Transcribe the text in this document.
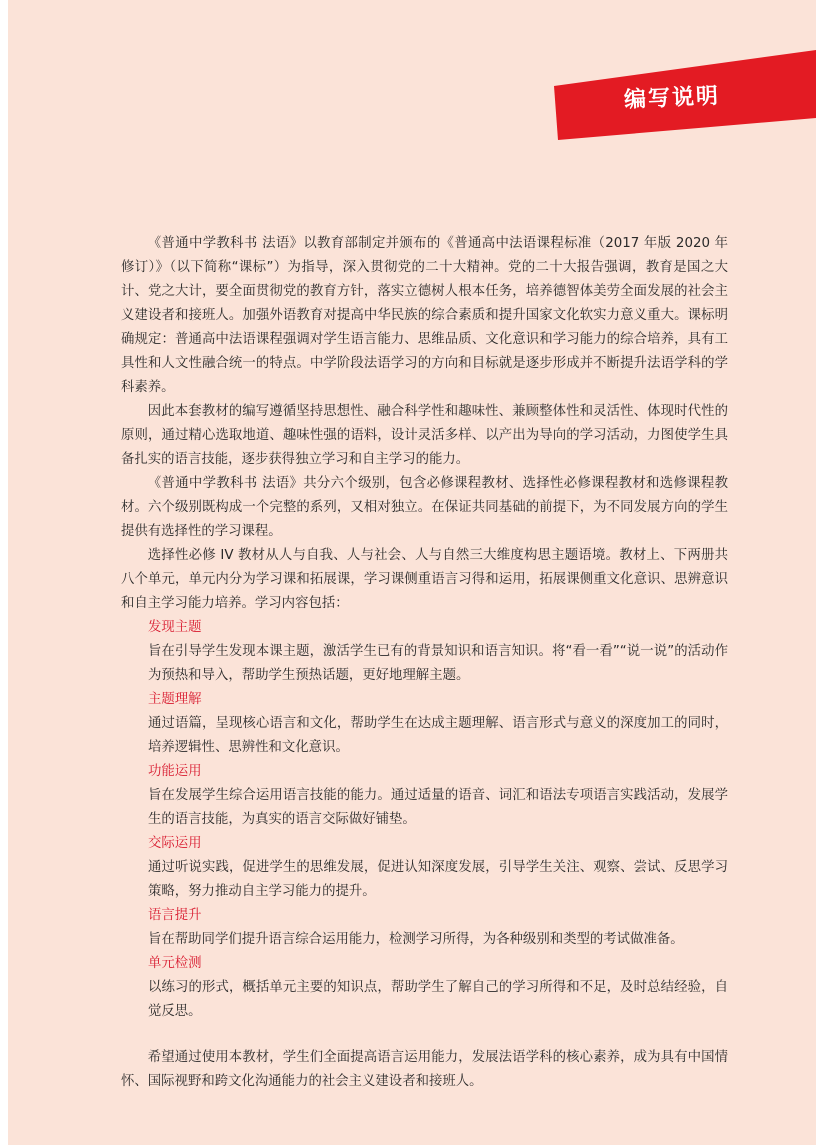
编写说明

《普通中学教科书 法语》以教育部制定并颁布的《普通高中法语课程标准（2017 年版 2020 年修订）》（以下简称“课标”）为指导，深入贯彻党的二十大精神。党的二十大报告强调，教育是国之大计、党之大计，要全面贯彻党的教育方针，落实立德树人根本任务，培养德智体美劳全面发展的社会主义建设者和接班人。加强外语教育对提高中华民族的综合素质和提升国家文化软实力意义重大。课标明确规定：普通高中法语课程强调对学生语言能力、思维品质、文化意识和学习能力的综合培养，具有工具性和人文性融合统一的特点。中学阶段法语学习的方向和目标就是逐步形成并不断提升法语学科的学科素养。

因此本套教材的编写遵循坚持思想性、融合科学性和趣味性、兼顾整体性和灵活性、体现时代性的原则，通过精心选取地道、趣味性强的语料，设计灵活多样、以产出为导向的学习活动，力图使学生具备扎实的语言技能，逐步获得独立学习和自主学习的能力。

《普通中学教科书 法语》共分六个级别，包含必修课程教材、选择性必修课程教材和选修课程教材。六个级别既构成一个完整的系列，又相对独立。在保证共同基础的前提下，为不同发展方向的学生提供有选择性的学习课程。

选择性必修 IV 教材从人与自我、人与社会、人与自然三大维度构思主题语境。教材上、下两册共八个单元，单元内分为学习课和拓展课，学习课侧重语言习得和运用，拓展课侧重文化意识、思辨意识和自主学习能力培养。学习内容包括：

发现主题

旨在引导学生发现本课主题，激活学生已有的背景知识和语言知识。将“看一看”“说一说”的活动作为预热和导入，帮助学生预热话题，更好地理解主题。

主题理解

通过语篇，呈现核心语言和文化，帮助学生在达成主题理解、语言形式与意义的深度加工的同时，培养逻辑性、思辨性和文化意识。

功能运用

旨在发展学生综合运用语言技能的能力。通过适量的语音、词汇和语法专项语言实践活动，发展学生的语言技能，为真实的语言交际做好铺垫。

交际运用

通过听说实践，促进学生的思维发展，促进认知深度发展，引导学生关注、观察、尝试、反思学习策略，努力推动自主学习能力的提升。

语言提升

旨在帮助同学们提升语言综合运用能力，检测学习所得，为各种级别和类型的考试做准备。

单元检测

以练习的形式，概括单元主要的知识点，帮助学生了解自己的学习所得和不足，及时总结经验，自觉反思。

希望通过使用本教材，学生们全面提高语言运用能力，发展法语学科的核心素养，成为具有中国情怀、国际视野和跨文化沟通能力的社会主义建设者和接班人。
